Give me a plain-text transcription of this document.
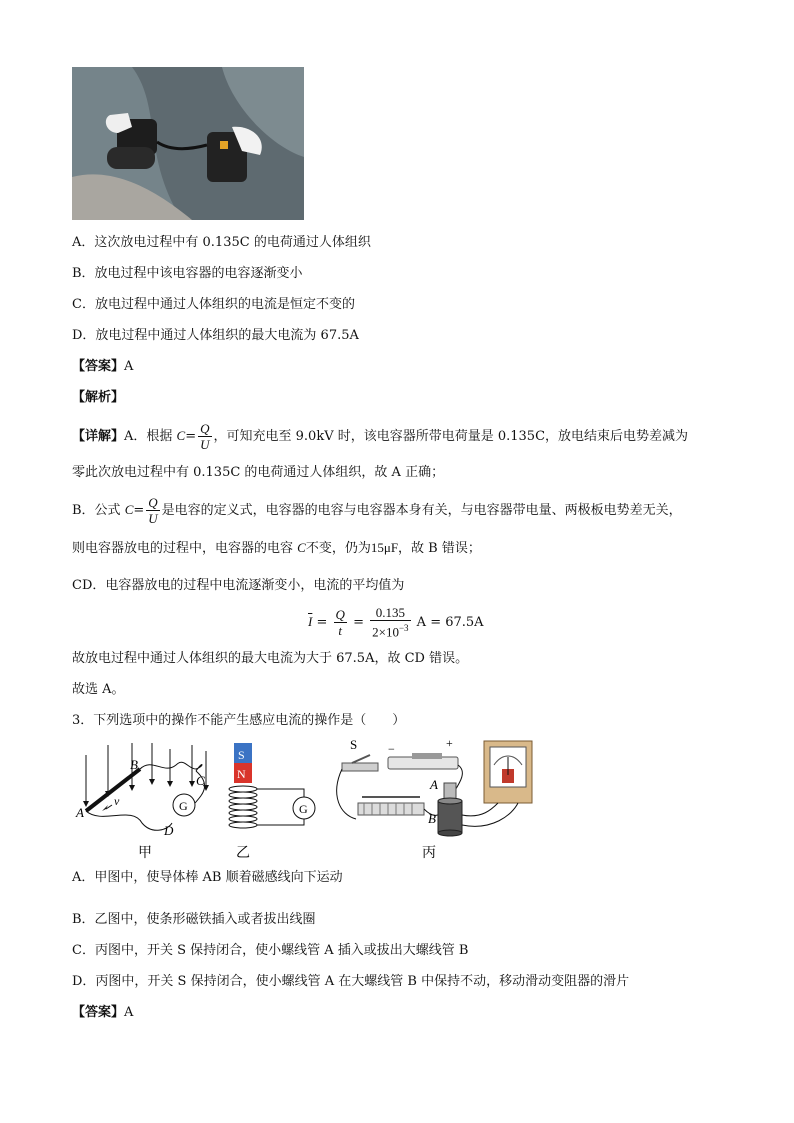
A．这次放电过程中有 0.135C 的电荷通过人体组织
B．放电过程中该电容器的电容逐渐变小
C．放电过程中通过人体组织的电流是恒定不变的
D．放电过程中通过人体组织的最大电流为 67.5A
【答案】A
【解析】
【详解】A．根据 $C= \frac{Q}{U}$ ，可知充电至 9.0kV 时，该电容器所带电荷量是 0.135C，放电结束后电势差减为
零此次放电过程中有 0.135C 的电荷通过人体组织，故 A 正确；
B．公式 $C= \frac{Q}{U}$ 是电容的定义式，电容器的电容与电容器本身有关，与电容器带电量、两极板电势差无关，
则电容器放电的过程中，电容器的电容 C不变，仍为15μF，故 B 错误；
CD．电容器放电的过程中电流逐渐变小，电流的平均值为
$\overline{I} = \frac{Q}{t} = \frac{0.135}{2\times 10^{-3}}$ A = 67.5A
故放电过程中通过人体组织的最大电流为大于 67.5A，故 CD 错误。
故选 A。
3．下列选项中的操作不能产生感应电流的操作是（　　）
A
B
C
D
v	G
甲
S
N
G
乙
S	−	+
A
B
丙
A．甲图中，使导体棒 AB 顺着磁感线向下运动
B．乙图中，使条形磁铁插入或者拔出线圈
C．丙图中，开关 S 保持闭合，使小螺线管 A 插入或拔出大螺线管 B
D．丙图中，开关 S 保持闭合，使小螺线管 A 在大螺线管 B 中保持不动，移动滑动变阻器的滑片
【答案】A
